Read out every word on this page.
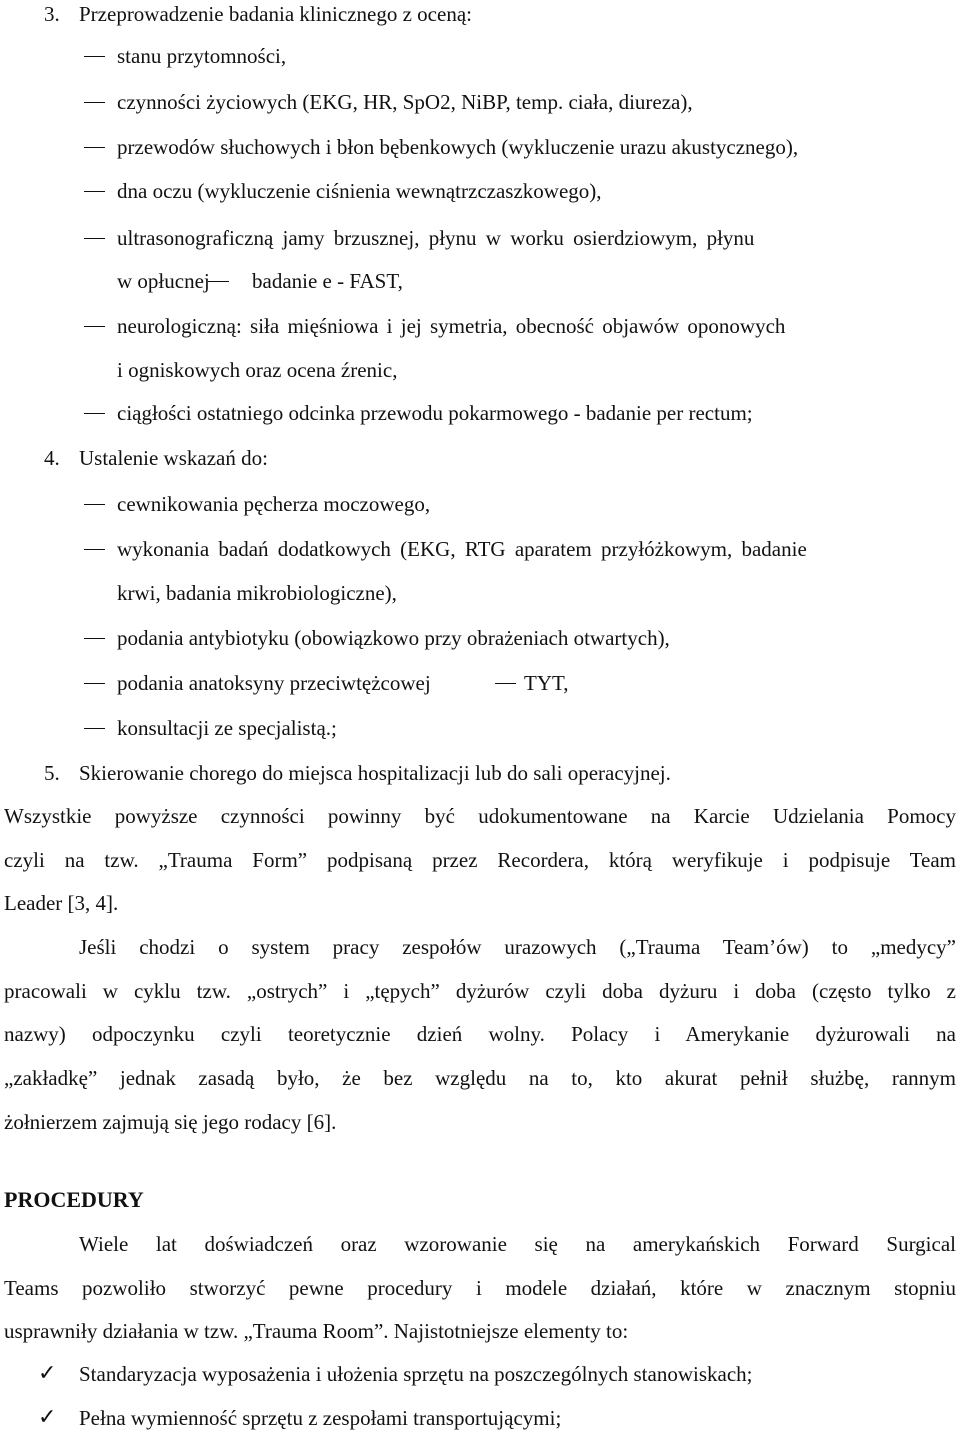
3. Przeprowadzenie badania klinicznego z oceną:
stanu przytomności,
czynności życiowych (EKG, HR, SpO2, NiBP, temp. ciała, diureza),
przewodów słuchowych i błon bębenkowych (wykluczenie urazu akustycznego),
dna oczu (wykluczenie ciśnienia wewnątrzczaszkowego),
ultrasonograficzną jamy brzusznej, płynu w worku osierdziowym, płynu
w opłucnej badanie e - FAST,
neurologiczną: siła mięśniowa i jej symetria, obecność objawów oponowych
i ogniskowych oraz ocena źrenic,
ciągłości ostatniego odcinka przewodu pokarmowego - badanie per rectum;
4. Ustalenie wskazań do:
cewnikowania pęcherza moczowego,
wykonania badań dodatkowych (EKG, RTG aparatem przyłóżkowym, badanie
krwi, badania mikrobiologiczne),
podania antybiotyku (obowiązkowo przy obrażeniach otwartych),
podania anatoksyny przeciwtężcowej	TYT,
konsultacji ze specjalistą.;
5. Skierowanie chorego do miejsca hospitalizacji lub do sali operacyjnej.
Wszystkie powyższe czynności powinny być udokumentowane na Karcie Udzielania Pomocy
czyli na tzw. „Trauma Form” podpisaną przez Recordera, którą weryfikuje i podpisuje Team
Leader [3, 4].
Jeśli chodzi o system pracy zespołów urazowych („Trauma Team’ów) to „medycy”
pracowali w cyklu tzw. „ostrych” i „tępych” dyżurów czyli doba dyżuru i doba (często tylko z
nazwy) odpoczynku czyli teoretycznie dzień wolny. Polacy i Amerykanie dyżurowali na
„zakładkę” jednak zasadą było, że bez względu na to, kto akurat pełnił służbę, rannym
żołnierzem zajmują się jego rodacy [6].
PROCEDURY
Wiele lat doświadczeń oraz wzorowanie się na amerykańskich Forward Surgical
Teams pozwoliło stworzyć pewne procedury i modele działań, które w znacznym stopniu
usprawniły działania w tzw. „Trauma Room”. Najistotniejsze elementy to:
✓ Standaryzacja wyposażenia i ułożenia sprzętu na poszczególnych stanowiskach;
✓ Pełna wymienność sprzętu z zespołami transportującymi;
